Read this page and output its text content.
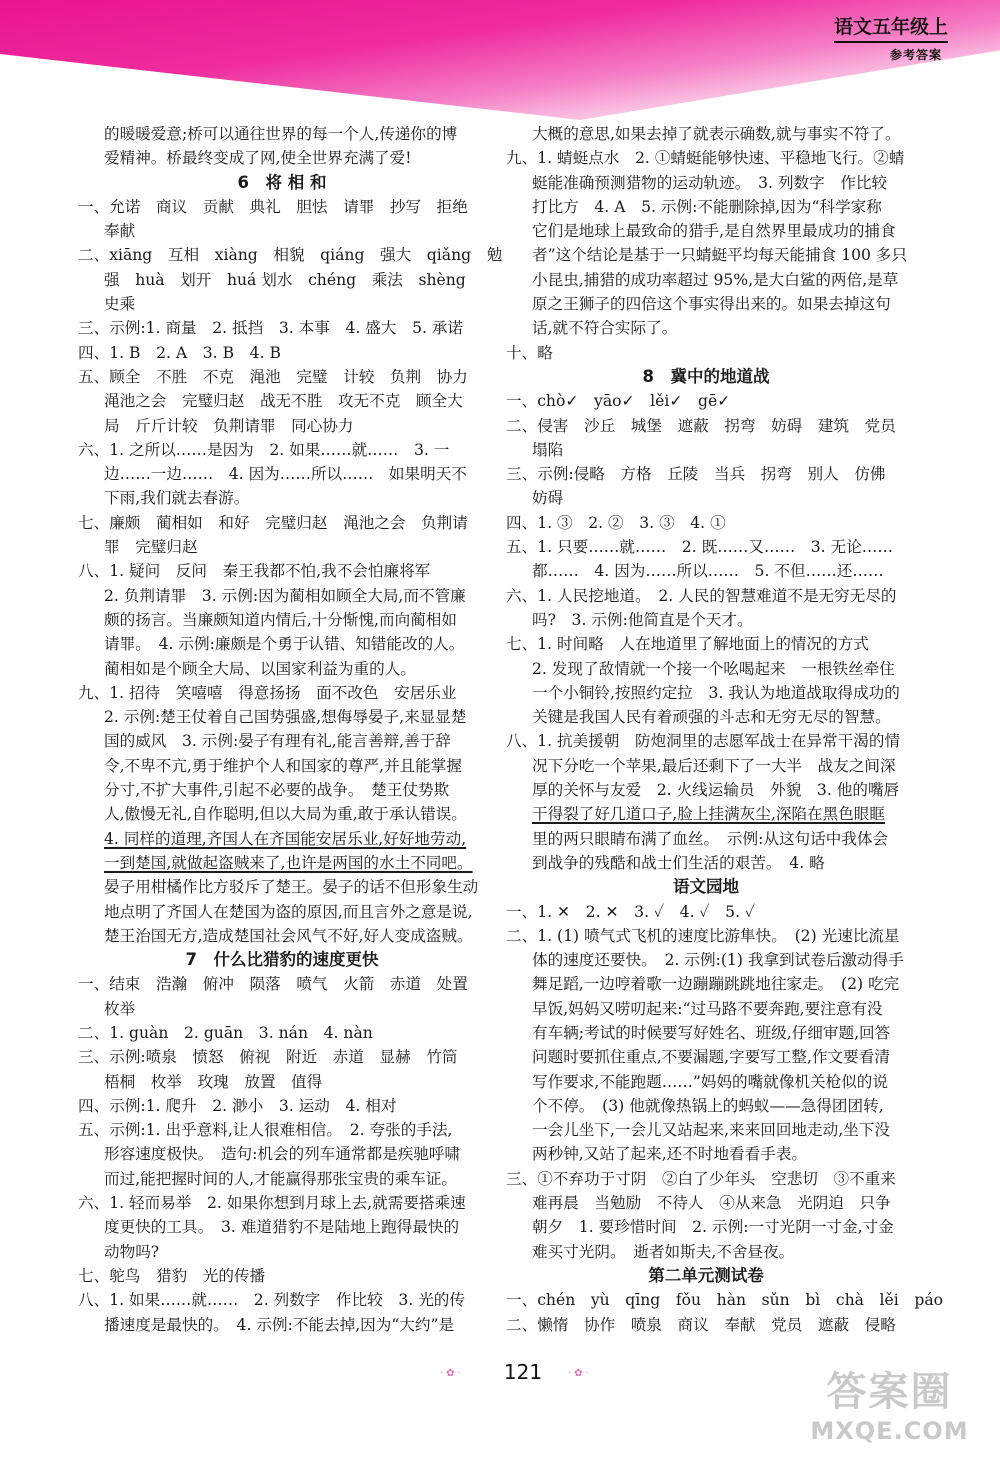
语文五年级上
参考答案
的暖暖爱意;桥可以通往世界的每一个人,传递你的博
爱精神。桥最终变成了网,使全世界充满了爱!
6　将 相 和
一、允诺　商议　贡献　典礼　胆怯　请罪　抄写　拒绝
奉献
二、xiāng　互相　xiàng　相貌　qiáng　强大　qiǎng　勉
强　huà　划开　huá 划水　chéng　乘法　shèng
史乘
三、示例:1. 商量　2. 抵挡　3. 本事　4. 盛大　5. 承诺
四、1. B　2. A　3. B　4. B
五、顾全　不胜　不克　渑池　完璧　计较　负荆　协力
渑池之会　完璧归赵　战无不胜　攻无不克　顾全大
局　斤斤计较　负荆请罪　同心协力
六、1. 之所以……是因为　2. 如果……就……　3. 一
边……一边……　4. 因为……所以……　如果明天不
下雨,我们就去春游。
七、廉颇　蔺相如　和好　完璧归赵　渑池之会　负荆请
罪　完璧归赵
八、1. 疑问　反问　秦王我都不怕,我不会怕廉将军
2. 负荆请罪　3. 示例:因为蔺相如顾全大局,而不管廉
颇的扬言。当廉颇知道内情后,十分惭愧,而向蔺相如
请罪。　4. 示例:廉颇是个勇于认错、知错能改的人。
蔺相如是个顾全大局、以国家利益为重的人。
九、1. 招待　笑嘻嘻　得意扬扬　面不改色　安居乐业
2. 示例:楚王仗着自己国势强盛,想侮辱晏子,来显显楚
国的威风　3. 示例:晏子有理有礼,能言善辩,善于辞
令,不卑不亢,勇于维护个人和国家的尊严,并且能掌握
分寸,不扩大事件,引起不必要的战争。　楚王仗势欺
人,傲慢无礼,自作聪明,但以大局为重,敢于承认错误。
4. 同样的道理,齐国人在齐国能安居乐业,好好地劳动,
一到楚国,就做起盗贼来了,也许是两国的水土不同吧。
晏子用柑橘作比方驳斥了楚王。晏子的话不但形象生动
地点明了齐国人在楚国为盗的原因,而且言外之意是说,
楚王治国无方,造成楚国社会风气不好,好人变成盗贼。
7　什么比猎豹的速度更快
一、结束　浩瀚　俯冲　陨落　喷气　火箭　赤道　处置
枚举
二、1. guàn　2. guān　3. nán　4. nàn
三、示例:喷泉　愤怒　俯视　附近　赤道　显赫　竹筒
梧桐　枚举　玫瑰　放置　值得
四、示例:1. 爬升　2. 渺小　3. 运动　4. 相对
五、示例:1. 出乎意料,让人很难相信。　2. 夸张的手法,
形容速度极快。　造句:机会的列车通常都是疾驰呼啸
而过,能把握时间的人,才能赢得那张宝贵的乘车证。
六、1. 轻而易举　2. 如果你想到月球上去,就需要搭乘速
度更快的工具。　3. 难道猎豹不是陆地上跑得最快的
动物吗?
七、鸵鸟　猎豹　光的传播
八、1. 如果……就……　2. 列数字　作比较　3. 光的传
播速度是最快的。　4. 示例:不能去掉,因为“大约”是
大概的意思,如果去掉了就表示确数,就与事实不符了。
九、1. 蜻蜓点水　2. ①蜻蜓能够快速、平稳地飞行。②蜻
蜓能准确预测猎物的运动轨迹。　3. 列数字　作比较
打比方　4. A　5. 示例:不能删除掉,因为“科学家称
它们是地球上最致命的猎手,是自然界里最成功的捕食
者”这个结论是基于一只蜻蜓平均每天能捕食 100 多只
小昆虫,捕猎的成功率超过 95%,是大白鲨的两倍,是草
原之王狮子的四倍这个事实得出来的。如果去掉这句
话,就不符合实际了。
十、略
8　冀中的地道战
一、chò✓　yāo✓　lěi✓　gē✓
二、侵害　沙丘　城堡　遮蔽　拐弯　妨碍　建筑　党员
塌陷
三、示例:侵略　方格　丘陵　当兵　拐弯　别人　仿佛
妨碍
四、1. ③　2. ②　3. ③　4. ①
五、1. 只要……就……　2. 既……又……　3. 无论……
都……　4. 因为……所以……　5. 不但……还……
六、1. 人民挖地道。　2. 人民的智慧难道不是无穷无尽的
吗?　3. 示例:他简直是个天才。
七、1. 时间略　人在地道里了解地面上的情况的方式
2. 发现了敌情就一个接一个吆喝起来　一根铁丝牵住
一个小铜铃,按照约定拉　3. 我认为地道战取得成功的
关键是我国人民有着顽强的斗志和无穷无尽的智慧。
八、1. 抗美援朝　防炮洞里的志愿军战士在异常干渴的情
况下分吃一个苹果,最后还剩下了一大半　战友之间深
厚的关怀与友爱　2. 火线运输员　外貌　3. 他的嘴唇
干得裂了好几道口子,脸上挂满灰尘,深陷在黑色眼眶
里的两只眼睛布满了血丝。　示例:从这句话中我体会
到战争的残酷和战士们生活的艰苦。　4. 略
语文园地
一、1. ✕　2. ✕　3. ✓　4. ✓　5. ✓
二、1. (1) 喷气式飞机的速度比游隼快。　(2) 光速比流星
体的速度还要快。　2. 示例:(1) 我拿到试卷后激动得手
舞足蹈,一边哼着歌一边蹦蹦跳跳地往家走。　(2) 吃完
早饭,妈妈又唠叨起来:“过马路不要奔跑,要注意有没
有车辆;考试的时候要写好姓名、班级,仔细审题,回答
问题时要抓住重点,不要漏题,字要写工整,作文要看清
写作要求,不能跑题……”妈妈的嘴就像机关枪似的说
个不停。　(3) 他就像热锅上的蚂蚁——急得团团转,
一会儿坐下,一会儿又站起来,来来回回地走动,坐下没
两秒钟,又站了起来,还不时地看看手表。
三、①不弃功于寸阴　②白了少年头　空悲切　③不重来
难再晨　当勉励　不待人　④从来急　光阴迫　只争
朝夕　1. 要珍惜时间　2. 示例:一寸光阴一寸金,寸金
难买寸光阴。　逝者如斯夫,不舍昼夜。
第二单元测试卷
一、chén　yù　qīng　fǒu　hàn　sǔn　bì　chà　lěi　páo
二、懒惰　协作　喷泉　商议　奉献　党员　遮蔽　侵略
·✿·	121	·✿·	答案圈
MXQE.COM
